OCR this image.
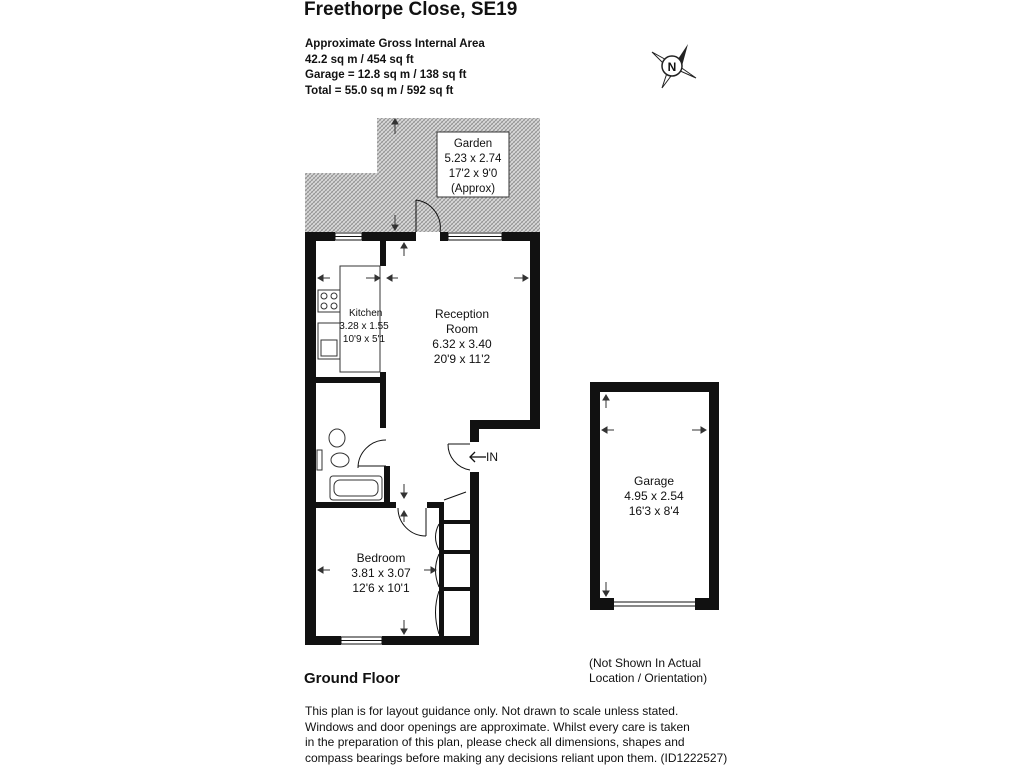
Freethorpe Close, SE19
Approximate Gross Internal Area
42.2 sq m / 454 sq ft
Garage = 12.8 sq m / 138 sq ft
Total = 55.0 sq m / 592 sq ft
N
Garden
5.23 x 2.74
17'2 x 9'0
(Approx)
IN
Kitchen
3.28 x 1.55
10'9 x 5'1
Reception
Room
6.32 x 3.40
20'9 x 11'2
Bedroom
3.81 x 3.07
12'6 x 10'1
Garage
4.95 x 2.54
16'3 x 8'4
Ground Floor
(Not Shown In Actual
Location / Orientation)
This plan is for layout guidance only. Not drawn to scale unless stated.
Windows and door openings are approximate. Whilst every care is taken
in the preparation of this plan, please check all dimensions, shapes and
compass bearings before making any decisions reliant upon them. (ID1222527)
